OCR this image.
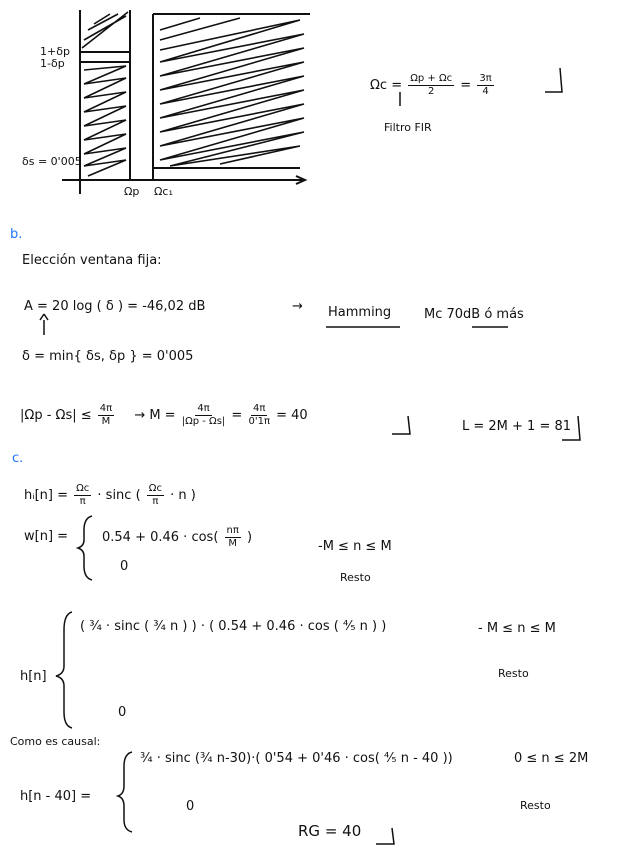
1+δp
1-δp
δs = 0'005
Ωp Ωc₁
$\Omega c = \frac{\Omega p + \Omega c}{2} = \frac{3\pi}{4}$
Filtro FIR
b.
Elección ventana fija:
A = 20 log ( δ ) = -46,02 dB	→ Hamming	Mc 70dB ó más
δ = min{ δs, δp } = 0'005
$|\Omega p - \Omega s| \le \frac{4\pi}{M} \to M = \frac{4\pi}{|\Omega p - \Omega s|} = \frac{4\pi}{0'1\pi} = 40$
L = 2M + 1 = 81
c.
hᵢ[n] = $\frac{\Omega c}{\pi} \cdot \sin c$ ( $\frac{\Omega c}{\pi} \cdot n$ )
w[n] =	$0.54 + 0.46 \cdot \cos( \frac{n\pi}{M}$ )
-M ≤ n ≤ M
0
Resto
h[n]
( ¾ · sinc ( ¾ n ) ) · ( 0.54 + 0.46 · cos ( ⁴⁄₅ n ) )	- M ≤ n ≤ M
0
Resto
Como es causal:
h[n - 40] =
¾ · sinc (¾ n-30)·( 0'54 + 0'46 · cos( ⁴⁄₅ n - 40 ))	0 ≤ n ≤ 2M
0	Resto
RG = 40
